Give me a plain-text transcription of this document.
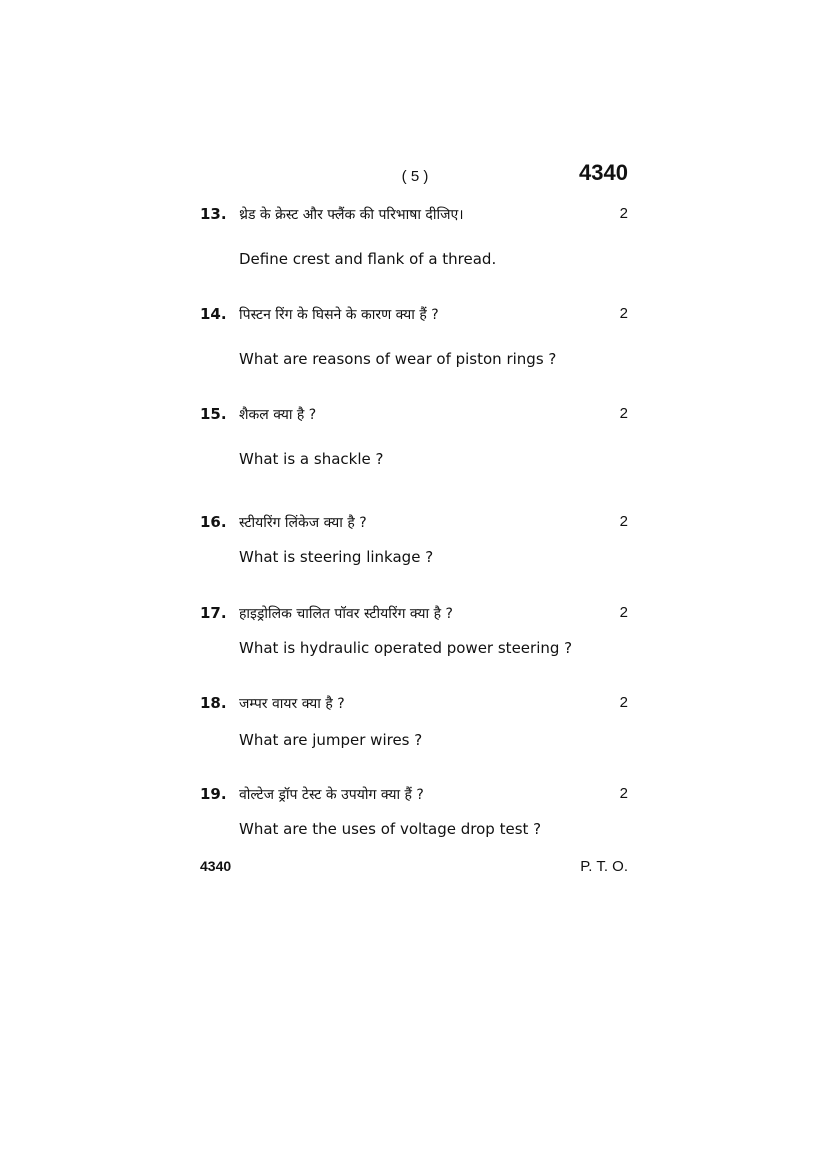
( 5 )	4340
13. थ्रेड के क्रेस्ट और फ्लैंक की परिभाषा दीजिए।	2
Define crest and flank of a thread.
14. पिस्टन रिंग के घिसने के कारण क्या हैं ?	2
What are reasons of wear of piston rings ?
15. शैकल क्या है ?	2
What is a shackle ?
16. स्टीयरिंग लिंकेज क्या है ?	2
What is steering linkage ?
17. हाइड्रोलिक चालित पॉवर स्टीयरिंग क्या है ?	2
What is hydraulic operated power steering ?
18. जम्पर वायर क्या है ?	2
What are jumper wires ?
19. वोल्टेज ड्रॉप टेस्ट के उपयोग क्या हैं ?	2
What are the uses of voltage drop test ?
4340	P. T. O.
